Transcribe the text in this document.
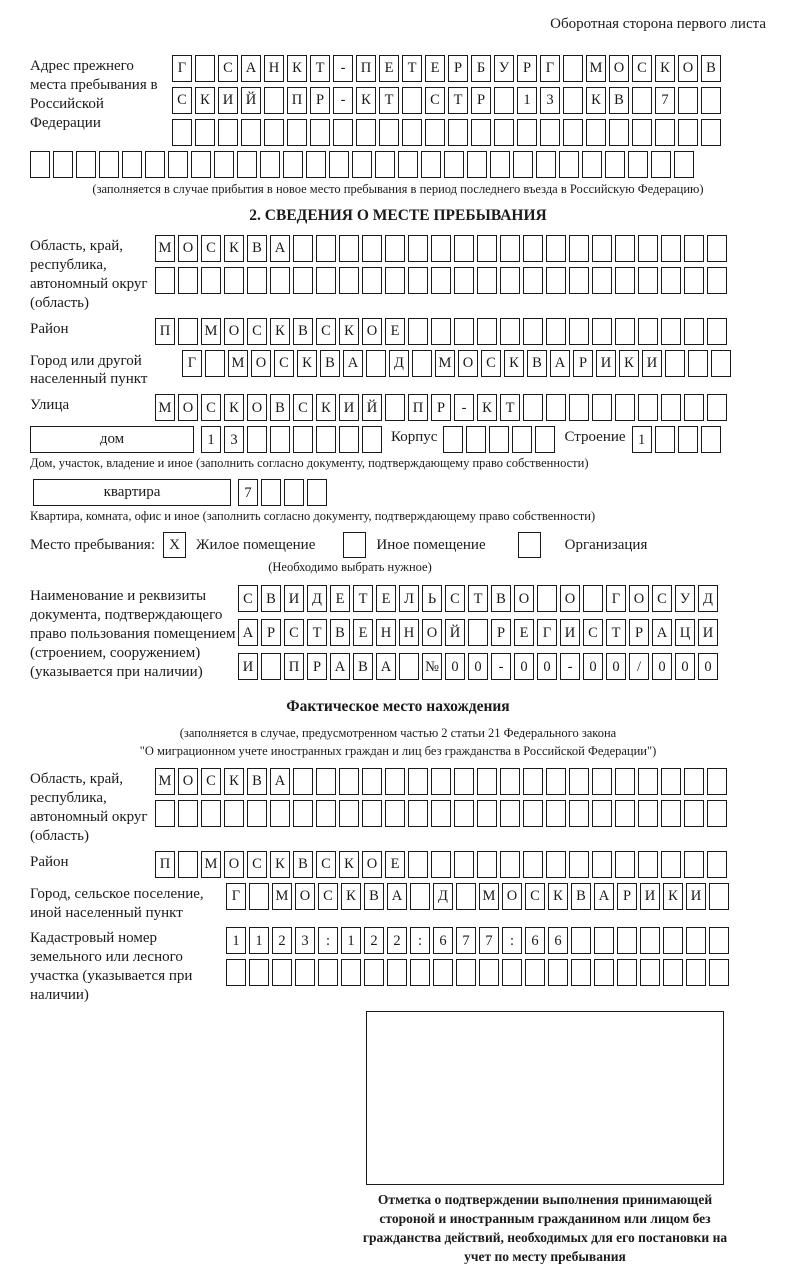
Оборотная сторона первого листа
Адрес прежнего места пребывания в Российской Федерации
Г	С А Н К Т	-	П Е Т Е	Р	Б У Р	Г	М О С К О В
С К И Й	П Р	-	К Т	С Т	Р	1	3	К В	7
(заполняется в случае прибытия в новое место пребывания в период последнего въезда в Российскую Федерацию)
2. СВЕДЕНИЯ О МЕСТЕ ПРЕБЫВАНИЯ
Область, край, республика, автономный округ (область)
М О С К В А
Район	П	М О С К В С К О Е
Город или другой населенный пункт
Г	М О С К В А	Д	М О С К В А Р И К И
Улица	М О С К О В С К И Й	П Р	-	К Т
дом	1	3	Корпус	Строение 1
Дом, участок, владение и иное (заполнить согласно документу, подтверждающему право собственности)
квартира	7
Квартира, комната, офис и иное (заполнить согласно документу, подтверждающему право собственности)
Место пребывания: X	Жилое помещение	Иное помещение	Организация
(Необходимо выбрать нужное)
Наименование и реквизиты документа, подтверждающего право пользования помещением (строением, сооружением) (указывается при наличии)
С В И Д Е Т Е Л Ь С Т В О	О	Г О С У Д
А Р С Т В Е Н Н О Й	Р	Е Г И С Т	Р А Ц И
И	П Р А В А	№ 0	0	-	0	0	-	0	0	/	0	0	0
Фактическое место нахождения
(заполняется в случае, предусмотренном частью 2 статьи 21 Федерального закона
"О миграционном учете иностранных граждан и лиц без гражданства в Российской Федерации")
Область, край, республика, автономный округ (область)
М О С К В А
Район	П	М О С К В С К О Е
Город, сельское поселение, иной населенный пункт
Г	М О С К В А	Д	М О С К В А Р И К И
Кадастровый номер земельного или лесного участка (указывается при наличии)
1	1	2	3	:	1	2	2	:	6	7	7	:	6	6
Отметка о подтверждении выполнения принимающей стороной и иностранным гражданином или лицом без гражданства действий, необходимых для его постановки на учет по месту пребывания
